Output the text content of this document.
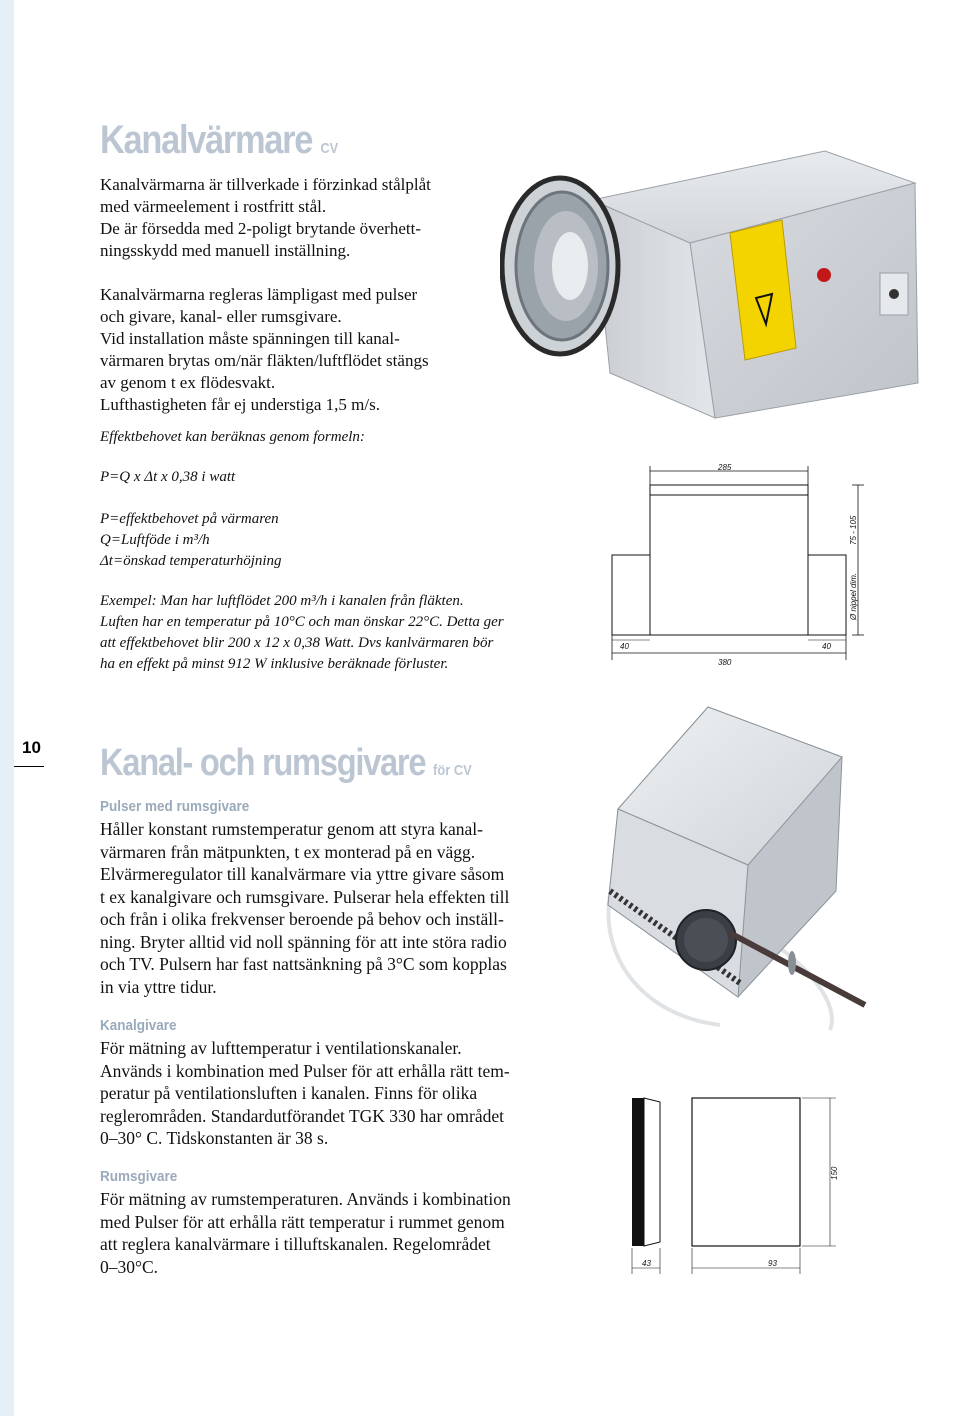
10
Kanalvärmare CV
Kanalvärmarna är tillverkade i förzinkad stålplåt
med värmeelement i rostfritt stål.
De är försedda med 2-poligt brytande överhett-
ningsskydd med manuell inställning.
Kanalvärmarna regleras lämpligast med pulser
och givare, kanal- eller rumsgivare.
Vid installation måste spänningen till kanal-
värmaren brytas om/när fläkten/luftflödet stängs
av genom t ex flödesvakt.
Lufthastigheten får ej understiga 1,5 m/s.
Effektbehovet kan beräknas genom formeln:
P=Q x Δt x 0,38 i watt
P=effektbehovet på värmaren
Q=Luftföde i m³/h
Δt=önskad temperaturhöjning
Exempel: Man har luftflödet 200 m³/h i kanalen från fläkten.
Luften har en temperatur på 10°C och man önskar 22°C. Detta ger
att effektbehovet blir 200 x 12 x 0,38 Watt. Dvs kanlvärmaren bör
ha en effekt på minst 912 W inklusive beräknade förluster.
285
40	40
380
75 - 105
Ø nippel dim.
Kanal- och rumsgivare för CV
Pulser med rumsgivare
Håller konstant rumstemperatur genom att styra kanal-
värmaren från mätpunkten, t ex monterad på en vägg.
Elvärmeregulator till kanalvärmare via yttre givare såsom
t ex kanalgivare och rumsgivare. Pulserar hela effekten till
och från i olika frekvenser beroende på behov och inställ-
ning. Bryter alltid vid noll spänning för att inte störa radio
och TV. Pulsern har fast nattsänkning på 3°C som kopplas
in via yttre tidur.
Kanalgivare
För mätning av lufttemperatur i ventilationskanaler.
Används i kombination med Pulser för att erhålla rätt tem-
peratur på ventilationsluften i kanalen. Finns för olika
reglerområden. Standardutförandet TGK 330 har området
0–30° C. Tidskonstanten är 38 s.
Rumsgivare
För mätning av rumstemperaturen. Används i kombination
med Pulser för att erhålla rätt temperatur i rummet genom
att reglera kanalvärmare i tilluftskanalen. Regelområdet
0–30°C.
150
43	93
